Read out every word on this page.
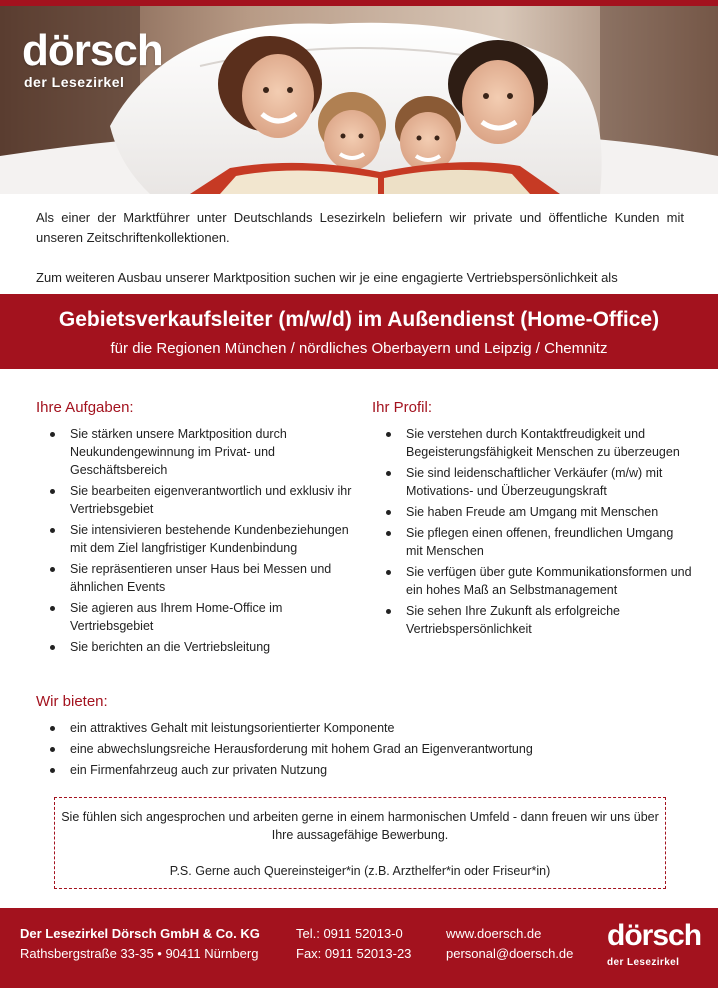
dörsch
der Lesezirkel

Als einer der Marktführer unter Deutschlands Lesezirkeln beliefern wir private und öffentliche Kunden mit unseren Zeitschriftenkollektionen.

Zum weiteren Ausbau unserer Marktposition suchen wir je eine engagierte Vertriebspersönlichkeit als

Gebietsverkaufsleiter (m/w/d) im Außendienst (Home-Office)
für die Regionen München / nördliches Oberbayern und Leipzig / Chemnitz
Ihre Aufgaben:
Sie stärken unsere Marktposition durch Neukundengewinnung im Privat- und Geschäftsbereich
Sie bearbeiten eigenverantwortlich und exklusiv ihr Vertriebsgebiet
Sie intensivieren bestehende Kundenbeziehungen mit dem Ziel langfristiger Kundenbindung
Sie repräsentieren unser Haus bei Messen und ähnlichen Events
Sie agieren aus Ihrem Home-Office im Vertriebsgebiet
Sie berichten an die Vertriebsleitung
Ihr Profil:
Sie verstehen durch Kontaktfreudigkeit und Begeisterungsfähigkeit Menschen zu überzeugen
Sie sind leidenschaftlicher Verkäufer (m/w) mit Motivations- und Überzeugungskraft
Sie haben Freude am Umgang mit Menschen
Sie pflegen einen offenen, freundlichen Umgang mit Menschen
Sie verfügen über gute Kommunikationsformen und ein hohes Maß an Selbstmanagement
Sie sehen Ihre Zukunft als erfolgreiche Vertriebspersönlichkeit
Wir bieten:
ein attraktives Gehalt mit leistungsorientierter Komponente
eine abwechslungsreiche Herausforderung mit hohem Grad an Eigenverantwortung
ein Firmenfahrzeug auch zur privaten Nutzung
Sie fühlen sich angesprochen und arbeiten gerne in einem harmonischen Umfeld - dann freuen wir uns über Ihre aussagefähige Bewerbung.
P.S. Gerne auch Quereinsteiger*in (z.B. Arzthelfer*in oder Friseur*in)
Der Lesezirkel Dörsch GmbH & Co. KG
Rathsbergstraße 33-35 • 90411 Nürnberg
Tel.: 0911 52013-0
Fax: 0911 52013-23
www.doersch.de
personal@doersch.de
dörsch
der Lesezirkel
